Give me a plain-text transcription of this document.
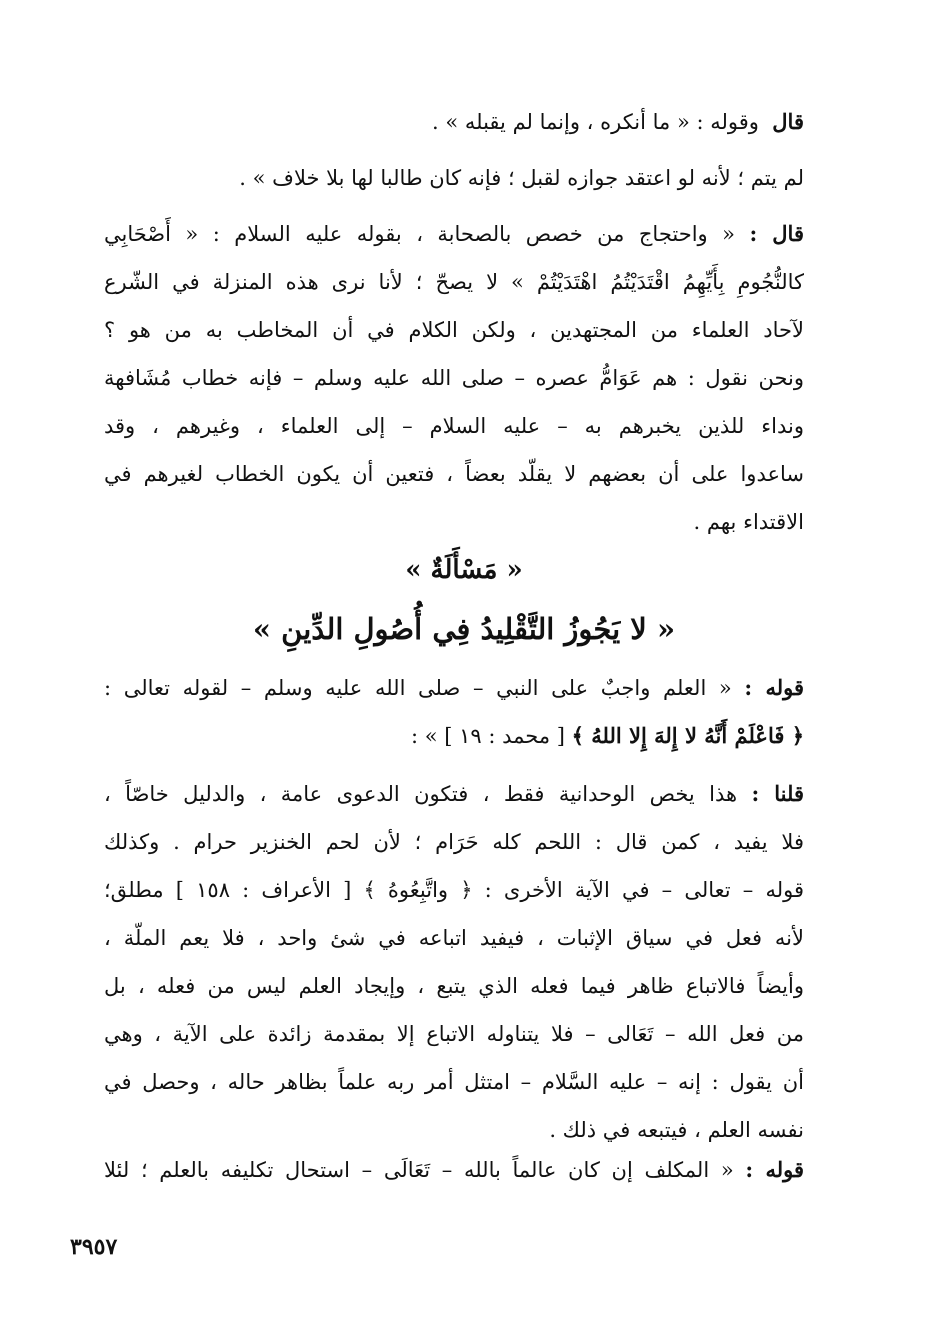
قال  وقوله : « ما أنكره ، وإنما لم يقبله » .
لم يتم ؛ لأنه لو اعتقد جوازه لقبل ؛ فإنه كان طالبا لها بلا خلاف » .
قال : « واحتجاج من خصص بالصحابة ، بقوله عليه السلام : « أَصْحَابِي
كالنُّجُومِ بِأَيِّهِمُ اقْتَدَيْتُمُ اهْتَدَيْتُمْ » لا يصحّ ؛ لأنا نرى هذه المنزلة في الشّرع
لآحاد العلماء من المجتهدين ، ولكن الكلام في أن المخاطب به من هو ؟
ونحن نقول : هم عَوَامُّ عصره – صلى الله عليه وسلم – فإنه خطاب مُشَافهة
ونداء للذين يخبرهم به – عليه السلام – إلى العلماء ، وغيرهم ، وقد
ساعدوا على أن بعضهم لا يقلّد بعضاً ، فتعين أن يكون الخطاب لغيرهم في
الاقتداء بهم .
« مَسْأَلَةٌ »
« لا يَجُوزُ التَّقْلِيدُ فِي أُصُولِ الدِّينِ »
قوله : « العلم واجبٌ على النبي – صلى الله عليه وسلم – لقوله تعالى :
﴿ فَاعْلَمْ أَنَّهُ لا إِلهَ إِلا اللهُ ﴾ [ محمد : ١٩ ] » :
قلنا : هذا يخص الوحدانية فقط ، فتكون الدعوى عامة ، والدليل خاصّاً ،
فلا يفيد ، كمن قال : اللحم كله حَرَام ؛ لأن لحم الخنزير حرام . وكذلك
قوله – تعالى – في الآية الأخرى : ﴿ واتَّبِعُوهُ ﴾ [ الأعراف : ١٥٨ ] مطلق؛
لأنه فعل في سياق الإثبات ، فيفيد اتباعه في شئ واحد ، فلا يعم الملّة ،
وأيضاً فالاتباع ظاهر فيما فعله الذي يتبع ، وإيجاد العلم ليس من فعله ، بل
من فعل الله – تَعَالى – فلا يتناوله الاتباع إلا بمقدمة زائدة على الآية ، وهي
أن يقول : إنه – عليه السَّلام – امتثل أمر ربه علماً بظاهر حاله ، وحصل في
نفسه العلم ، فيتبعه في ذلك .
قوله : « المكلف إن كان عالماً بالله – تَعَالَى – استحال تكليفه بالعلم ؛ لئلا
٣٩٥٧
